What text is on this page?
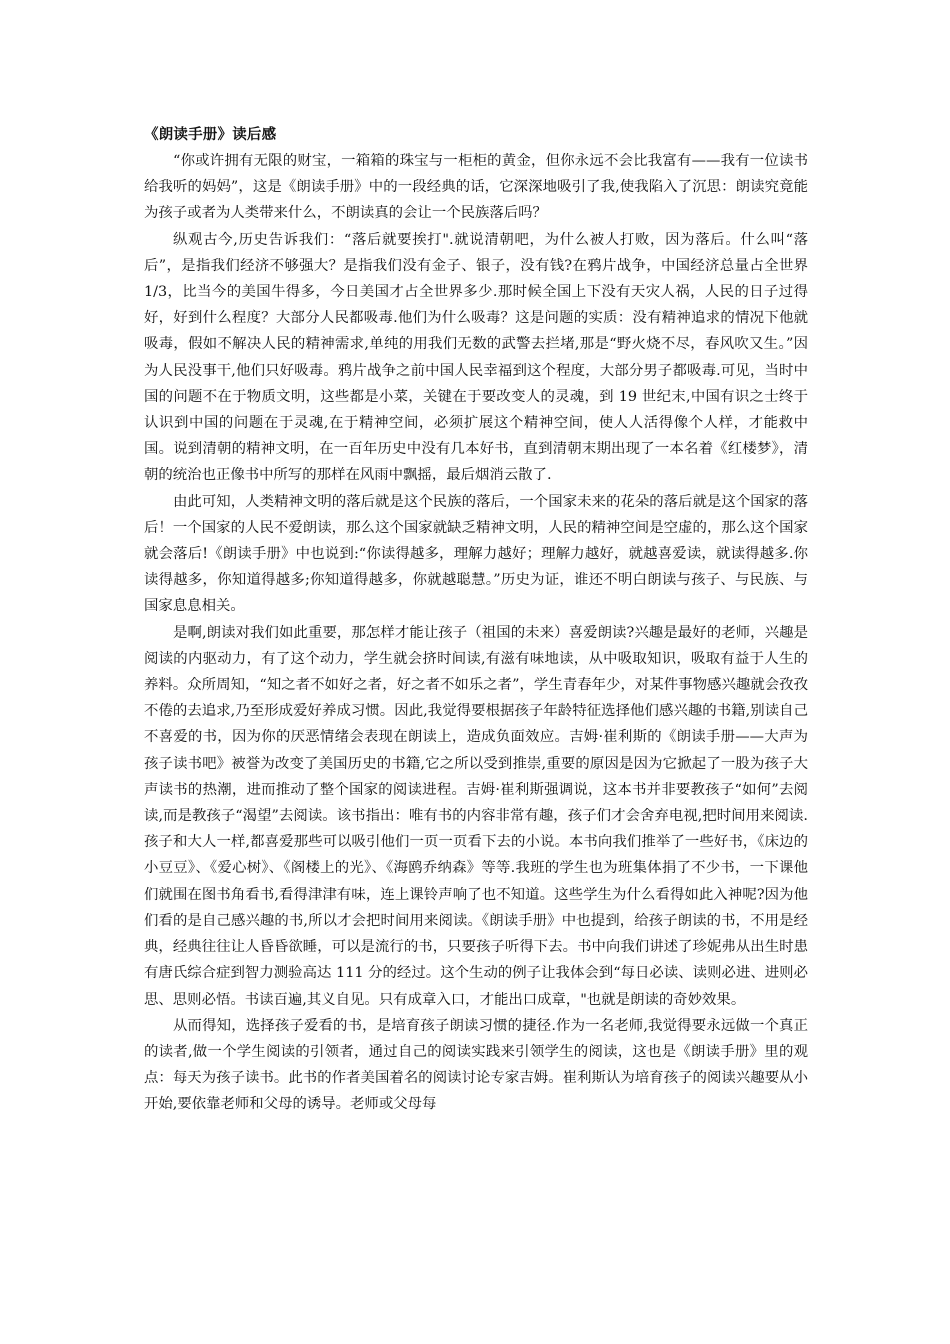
《朗读手册》读后感

“你或许拥有无限的财宝，一箱箱的珠宝与一柜柜的黄金，但你永远不会比我富有——我有一位读书给我听的妈妈”，这是《朗读手册》中的一段经典的话，它深深地吸引了我,使我陷入了沉思：朗读究竟能为孩子或者为人类带来什么，不朗读真的会让一个民族落后吗？

纵观古今,历史告诉我们：“落后就要挨打".就说清朝吧，为什么被人打败，因为落后。什么叫“落后”，是指我们经济不够强大？是指我们没有金子、银子，没有钱?在鸦片战争，中国经济总量占全世界 1/3，比当今的美国牛得多，今日美国才占全世界多少.那时候全国上下没有天灾人祸，人民的日子过得好，好到什么程度？大部分人民都吸毒.他们为什么吸毒？这是问题的实质：没有精神追求的情况下他就吸毒，假如不解决人民的精神需求,单纯的用我们无数的武警去拦堵,那是“野火烧不尽，春风吹又生。”因为人民没事干,他们只好吸毒。鸦片战争之前中国人民幸福到这个程度，大部分男子都吸毒.可见，当时中国的问题不在于物质文明，这些都是小菜，关键在于要改变人的灵魂，到 19 世纪末,中国有识之士终于认识到中国的问题在于灵魂,在于精神空间，必须扩展这个精神空间，使人人活得像个人样，才能救中国。说到清朝的精神文明，在一百年历史中没有几本好书，直到清朝末期出现了一本名着《红楼梦》，清朝的统治也正像书中所写的那样在风雨中飘摇，最后烟消云散了.

由此可知，人类精神文明的落后就是这个民族的落后，一个国家未来的花朵的落后就是这个国家的落后！一个国家的人民不爱朗读，那么这个国家就缺乏精神文明，人民的精神空间是空虚的，那么这个国家就会落后!《朗读手册》中也说到:“你读得越多，理解力越好；理解力越好，就越喜爱读，就读得越多.你读得越多，你知道得越多;你知道得越多，你就越聪慧。”历史为证，谁还不明白朗读与孩子、与民族、与国家息息相关。

是啊,朗读对我们如此重要，那怎样才能让孩子（祖国的未来）喜爱朗读?兴趣是最好的老师，兴趣是阅读的内驱动力，有了这个动力，学生就会挤时间读,有滋有味地读，从中吸取知识，吸取有益于人生的养料。众所周知，“知之者不如好之者，好之者不如乐之者”，学生青春年少，对某件事物感兴趣就会孜孜不倦的去追求,乃至形成爱好养成习惯。因此,我觉得要根据孩子年龄特征选择他们感兴趣的书籍,别读自己不喜爱的书，因为你的厌恶情绪会表现在朗读上，造成负面效应。吉姆·崔利斯的《朗读手册——大声为孩子读书吧》被誉为改变了美国历史的书籍,它之所以受到推崇,重要的原因是因为它掀起了一股为孩子大声读书的热潮，进而推动了整个国家的阅读进程。吉姆·崔利斯强调说，这本书并非要教孩子“如何”去阅读,而是教孩子“渴望”去阅读。该书指出：唯有书的内容非常有趣，孩子们才会舍弃电视,把时间用来阅读.孩子和大人一样,都喜爱那些可以吸引他们一页一页看下去的小说。本书向我们推举了一些好书，《床边的小豆豆》、《爱心树》、《阁楼上的光》、《海鸥乔纳森》等等.我班的学生也为班集体捐了不少书，一下课他们就围在图书角看书,看得津津有味，连上课铃声响了也不知道。这些学生为什么看得如此入神呢?因为他们看的是自己感兴趣的书,所以才会把时间用来阅读。《朗读手册》中也提到，给孩子朗读的书，不用是经典，经典往往让人昏昏欲睡，可以是流行的书，只要孩子听得下去。书中向我们讲述了珍妮弗从出生时患有唐氏综合症到智力测验高达 111 分的经过。这个生动的例子让我体会到“每日必读、读则必进、进则必思、思则必悟。书读百遍,其义自见。只有成章入口，才能出口成章，"也就是朗读的奇妙效果。

从而得知，选择孩子爱看的书，是培育孩子朗读习惯的捷径.作为一名老师,我觉得要永远做一个真正的读者,做一个学生阅读的引领者，通过自己的阅读实践来引领学生的阅读，这也是《朗读手册》里的观点：每天为孩子读书。此书的作者美国着名的阅读讨论专家吉姆。崔利斯认为培育孩子的阅读兴趣要从小开始,要依靠老师和父母的诱导。老师或父母每
